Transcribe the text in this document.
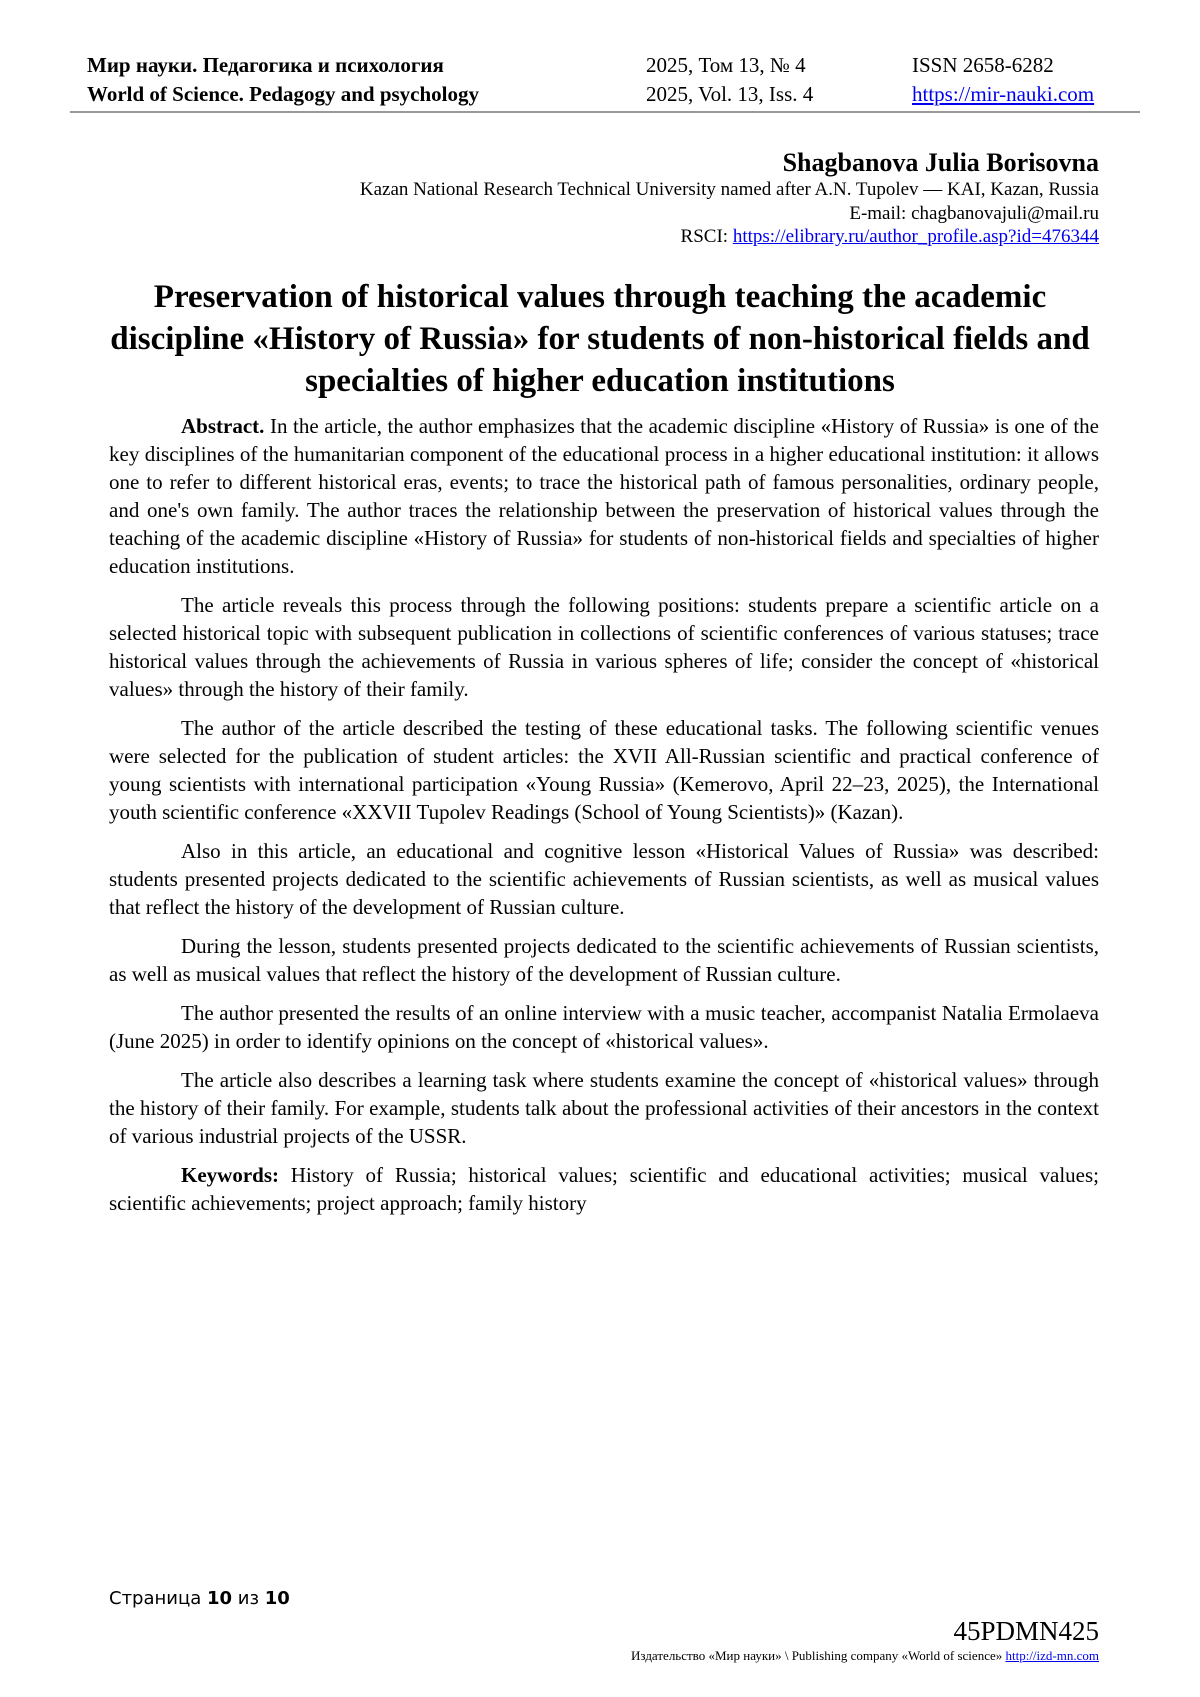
Мир науки. Педагогика и психология
World of Science. Pedagogy and psychology
2025, Том 13, № 4
2025, Vol. 13, Iss. 4
ISSN 2658-6282
https://mir-nauki.com
Shagbanova Julia Borisovna
Kazan National Research Technical University named after A.N. Tupolev — KAI, Kazan, Russia
E-mail: chagbanovajuli@mail.ru
RSCI: https://elibrary.ru/author_profile.asp?id=476344
Preservation of historical values through teaching the academic discipline «History of Russia» for students of non-historical fields and specialties of higher education institutions

Abstract. In the article, the author emphasizes that the academic discipline «History of Russia» is one of the key disciplines of the humanitarian component of the educational process in a higher educational institution: it allows one to refer to different historical eras, events; to trace the historical path of famous personalities, ordinary people, and one's own family. The author traces the relationship between the preservation of historical values through the teaching of the academic discipline «History of Russia» for students of non-historical fields and specialties of higher education institutions.

The article reveals this process through the following positions: students prepare a scientific article on a selected historical topic with subsequent publication in collections of scientific conferences of various statuses; trace historical values through the achievements of Russia in various spheres of life; consider the concept of «historical values» through the history of their family.

The author of the article described the testing of these educational tasks. The following scientific venues were selected for the publication of student articles: the XVII All-Russian scientific and practical conference of young scientists with international participation «Young Russia» (Kemerovo, April 22–23, 2025), the International youth scientific conference «XXVII Tupolev Readings (School of Young Scientists)» (Kazan).

Also in this article, an educational and cognitive lesson «Historical Values of Russia» was described: students presented projects dedicated to the scientific achievements of Russian scientists, as well as musical values that reflect the history of the development of Russian culture.

During the lesson, students presented projects dedicated to the scientific achievements of Russian scientists, as well as musical values that reflect the history of the development of Russian culture.

The author presented the results of an online interview with a music teacher, accompanist Natalia Ermolaeva (June 2025) in order to identify opinions on the concept of «historical values».

The article also describes a learning task where students examine the concept of «historical values» through the history of their family. For example, students talk about the professional activities of their ancestors in the context of various industrial projects of the USSR.

Keywords: History of Russia; historical values; scientific and educational activities; musical values; scientific achievements; project approach; family history

Страница 10 из 10
45PDMN425
Издательство «Мир науки» \ Publishing company «World of science» http://izd-mn.com
